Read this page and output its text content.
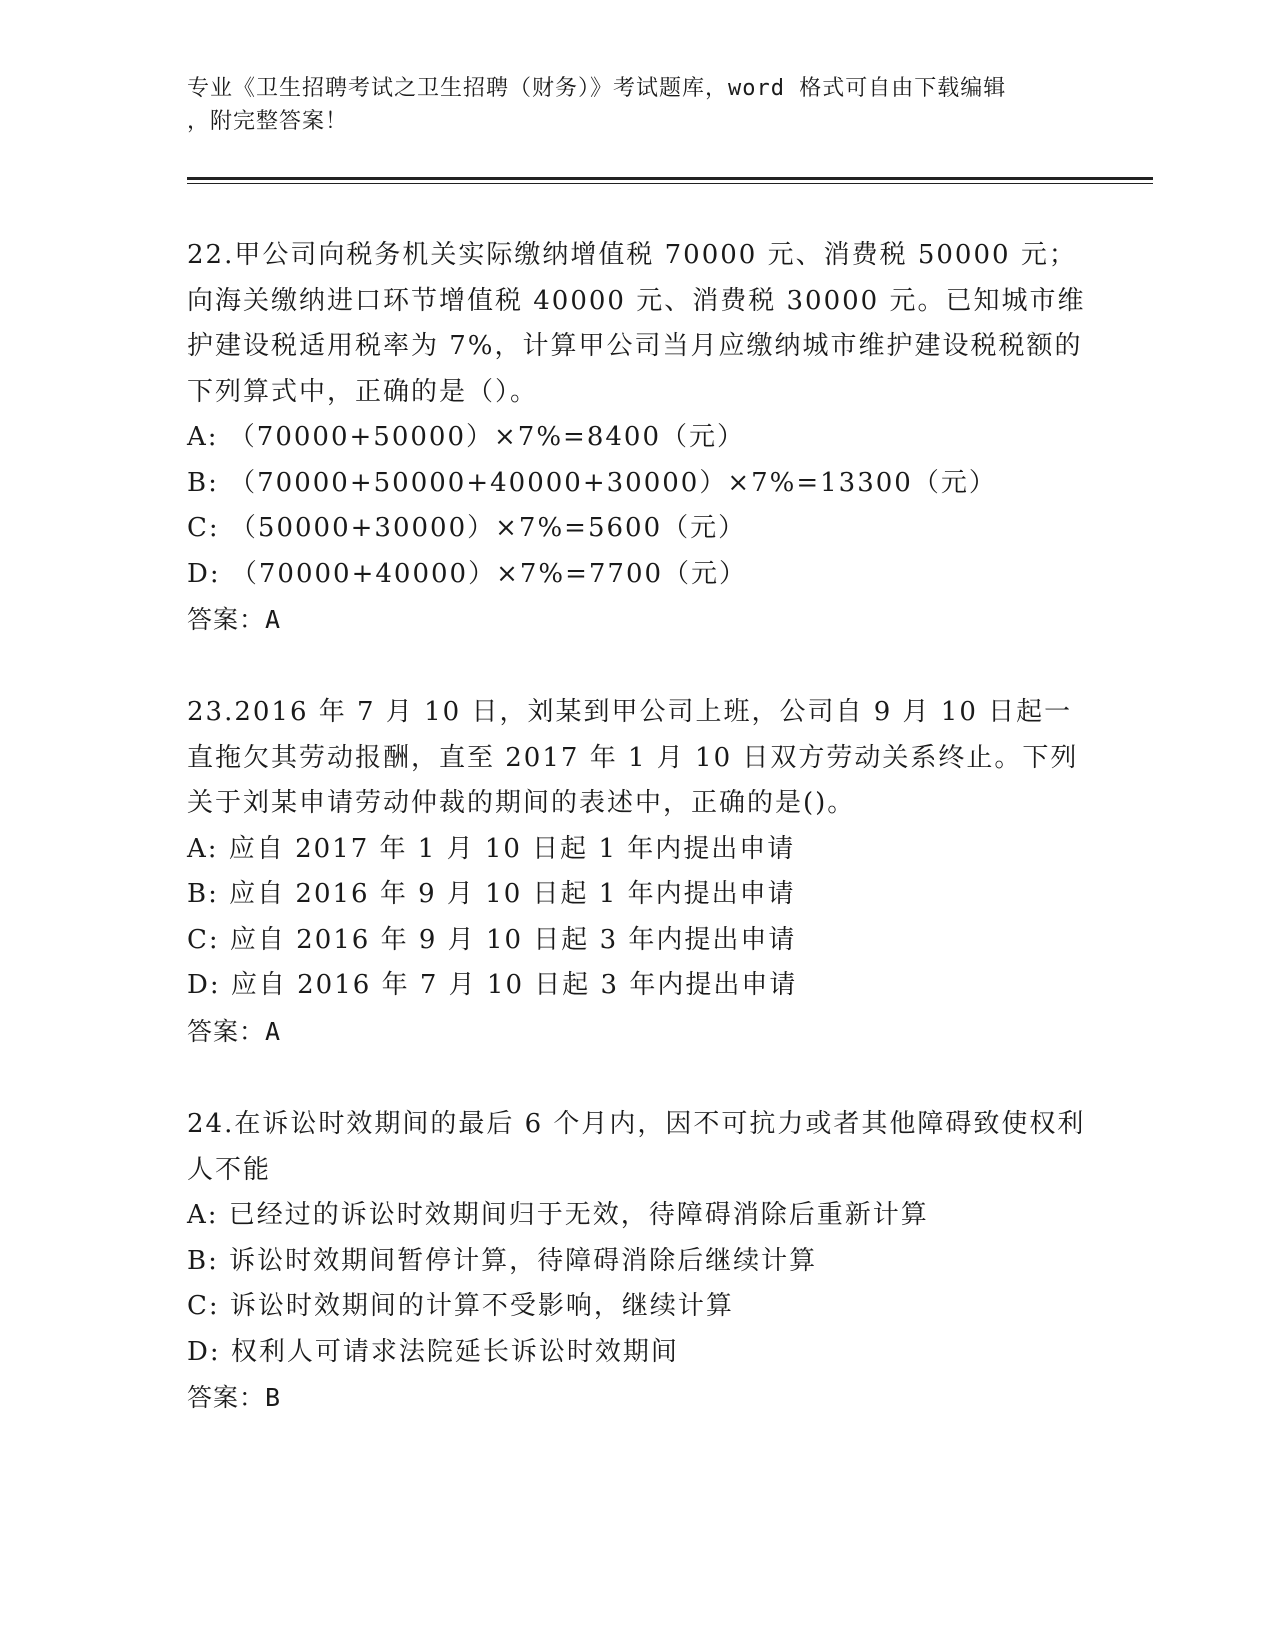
专业《卫生招聘考试之卫生招聘（财务）》考试题库，word 格式可自由下载编辑
，附完整答案！
22.甲公司向税务机关实际缴纳增值税 70000 元、消费税 50000 元；向海关缴纳进口环节增值税 40000 元、消费税 30000 元。已知城市维护建设税适用税率为 7%，计算甲公司当月应缴纳城市维护建设税税额的下列算式中，正确的是（）。
A: （70000+50000）×7%=8400（元）
B: （70000+50000+40000+30000）×7%=13300（元）
C: （50000+30000）×7%=5600（元）
D: （70000+40000）×7%=7700（元）
答案：A
23.2016 年 7 月 10 日，刘某到甲公司上班，公司自 9 月 10 日起一直拖欠其劳动报酬，直至 2017 年 1 月 10 日双方劳动关系终止。下列关于刘某申请劳动仲裁的期间的表述中，正确的是()。
A: 应自 2017 年 1 月 10 日起 1 年内提出申请
B: 应自 2016 年 9 月 10 日起 1 年内提出申请
C: 应自 2016 年 9 月 10 日起 3 年内提出申请
D: 应自 2016 年 7 月 10 日起 3 年内提出申请
答案：A
24.在诉讼时效期间的最后 6 个月内，因不可抗力或者其他障碍致使权利人不能
A: 已经过的诉讼时效期间归于无效，待障碍消除后重新计算
B: 诉讼时效期间暂停计算，待障碍消除后继续计算
C: 诉讼时效期间的计算不受影响，继续计算
D: 权利人可请求法院延长诉讼时效期间
答案：B
